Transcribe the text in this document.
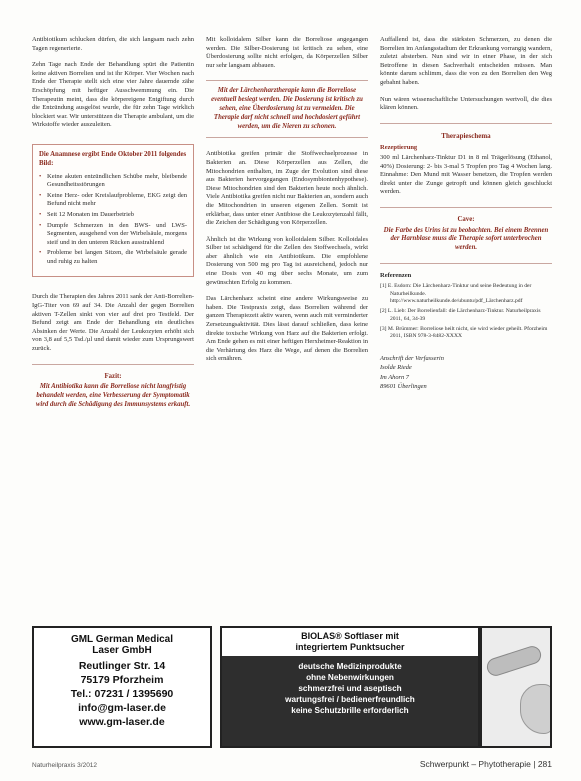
Antibiotikum schlucken dürfen, die sich langsam nach zehn Tagen regenerierte.

Zehn Tage nach Ende der Behandlung spürt die Patientin keine aktiven Borrelien und ist ihr Körper. Vier Wochen nach Ende der Therapie stellt sich eine vier Jahre dauernde zähe Erschöpfung mit heftiger Ausschwemmung ein. Die Therapeutin meint, dass die körpereigene Entgiftung durch die Entzündung ausgelöst wurde, die für zehn Tage wirklich blockiert war. Wir unterstützen die Therapie ambulant, um die Wirkstoffe wieder auszuleiten.

Die Anamnese ergibt Ende Oktober 2011 folgendes Bild:
• Keine akuten entzündlichen Schübe mehr, bleibende Gesundheitsstörungen
• Keine Herz- oder Kreislaufprobleme, EKG zeigt den Befund nicht mehr
• Seit 12 Monaten im Dauerbetrieb
• Dumpfe Schmerzen in den BWS- und LWS-Segmenten, ausgehend von der Wirbelsäule, morgens steif und in den unteren Rücken ausstrahlend
• Probleme bei langen Sitzen, die Wirbelsäule gerade und ruhig zu halten

Durch die Therapien des Jahres 2011 sank der Anti-Borrelien-IgG-Titer von 69 auf 34. Die Anzahl der gegen Borrelien aktiven T-Zellen sinkt von vier auf drei pro Testfeld. Der Befund zeigt am Ende der Behandlung ein deutliches Absinken der Werte. Die Anzahl der Leukozyten erhöht sich von 3,8 auf 5,5 Tsd./µl und damit wieder zum Ursprungswert zurück.

Fazit:
Mit Antibiotika kann die Borreliose nicht langfristig behandelt werden, eine Verbesserung der Symptomatik wird durch die Schädigung des Immunsystems erkauft.

Mit kolloidalem Silber kann die Borreliose angegangen werden. Die Silber-Dosierung ist kritisch zu sehen, eine Überdosierung sollte nicht erfolgen, da Körperzellen Silber nur sehr langsam abbauen.

Mit der Lärchenharztherapie kann die Borreliose eventuell besiegt werden. Die Dosierung ist kritisch zu sehen, eine Überdosierung ist zu vermeiden. Die Therapie darf nicht schnell und hochdosiert geführt werden, um die Nieren zu schonen.

Antibiotika greifen primär die Stoffwechselprozesse in Bakterien an. Diese Körperzellen aus Zellen, die Mitochondrien enthalten, im Zuge der Evolution sind diese aus Bakterien hervorgegangen (Endosymbiontenhypothese). Diese Mitochondrien sind den Bakterien heute noch ähnlich. Viele Antibiotika greifen nicht nur Bakterien an, sondern auch die Mitochondrien in unseren eigenen Zellen. Somit ist erklärbar, dass unter einer Antibiose die Leukozytenzahl fällt, die Zeichen der Schädigung von Körperzellen.

Ähnlich ist die Wirkung von kolloidalem Silber. Kolloidales Silber ist schädigend für die Zellen des Stoffwechsels, wirkt aber ähnlich wie ein Antibiotikum. Die empfohlene Dosierung von 500 mg pro Tag ist ausreichend, jedoch nur eine Dosis von 40 mg über sechs Monate, um zum gewünschten Erfolg zu kommen.

Das Lärchenharz scheint eine andere Wirkungsweise zu haben. Die Testpraxis zeigt, dass Borrelien während der ganzen Therapiezeit aktiv waren, wenn auch mit verminderter Zersetzungsaktivität. Dies lässt darauf schließen, dass keine direkte toxische Wirkung von Harz auf die Bakterien erfolgt. Am Ende gehen es mit einer heftigen Herxheimer-Reaktion in die Verhärtung des Harz die Wege, auf denen die Borrelien sich ernähren.

Auffallend ist, dass die stärksten Schmerzen, zu denen die Borrelien im Anfangsstadium der Erkrankung vorrangig wandern, zuletzt absterben. Nun sind wir in einer Phase, in der sich Betroffene in diesen Sachverhalt entscheiden müssen. Man könnte darum schlimm, dass die von zu den Borrelien den Weg gebahnt haben.

Nun wären wissenschaftliche Untersuchungen wertvoll, die dies klären können.

Therapieschema
Rezeptierung

300 ml Lärchenharz-Tinktur D1 in 8 ml Trägerlösung (Ethanol, 40%) Dosierung: 2- bis 3-mal 5 Tropfen pro Tag 4 Wochen lang. Einnahme: Den Mund mit Wasser benetzen, die Tropfen werden direkt unter die Zunge getropft und können gleich geschluckt werden.

Cave:
Die Farbe des Urins ist zu beobachten. Bei einem Brennen der Harnblase muss die Therapie sofort unterbrochen werden.
Referenzen
[1] E. Esdorn: Die Lärchenharz-Tinktur und seine Bedeutung in der Naturheilkunde. http://www.naturheilkunde.de/ubuntu/pdf_Lärchenharz.pdf
[2] L. Lieb: Der Borrelienfall: die Lärchenharz-Tinktur. Naturheilpraxis 2011, 64, 34-39
[3] M. Brümmer: Borreliose heilt nicht, sie wird wieder geheilt. Pforzheim 2011, ISBN 978-3-8482-XXXX
Anschrift der Verfasserin
Isolde Riede
Im Ahorn 7
89601 Überlingen
GML German Medical
Laser GmbH
Reutlinger Str. 14
75179 Pforzheim
Tel.: 07231 / 1395690
info@gm-laser.de
www.gm-laser.de
BIOLAS® Softlaser mit
integriertem Punktsucher
deutsche Medizinprodukte
ohne Nebenwirkungen
schmerzfrei und aseptisch
wartungsfrei / bedienerfreundlich
keine Schutzbrille erforderlich
Naturheilpraxis 3/2012	Schwerpunkt – Phytotherapie | 281
